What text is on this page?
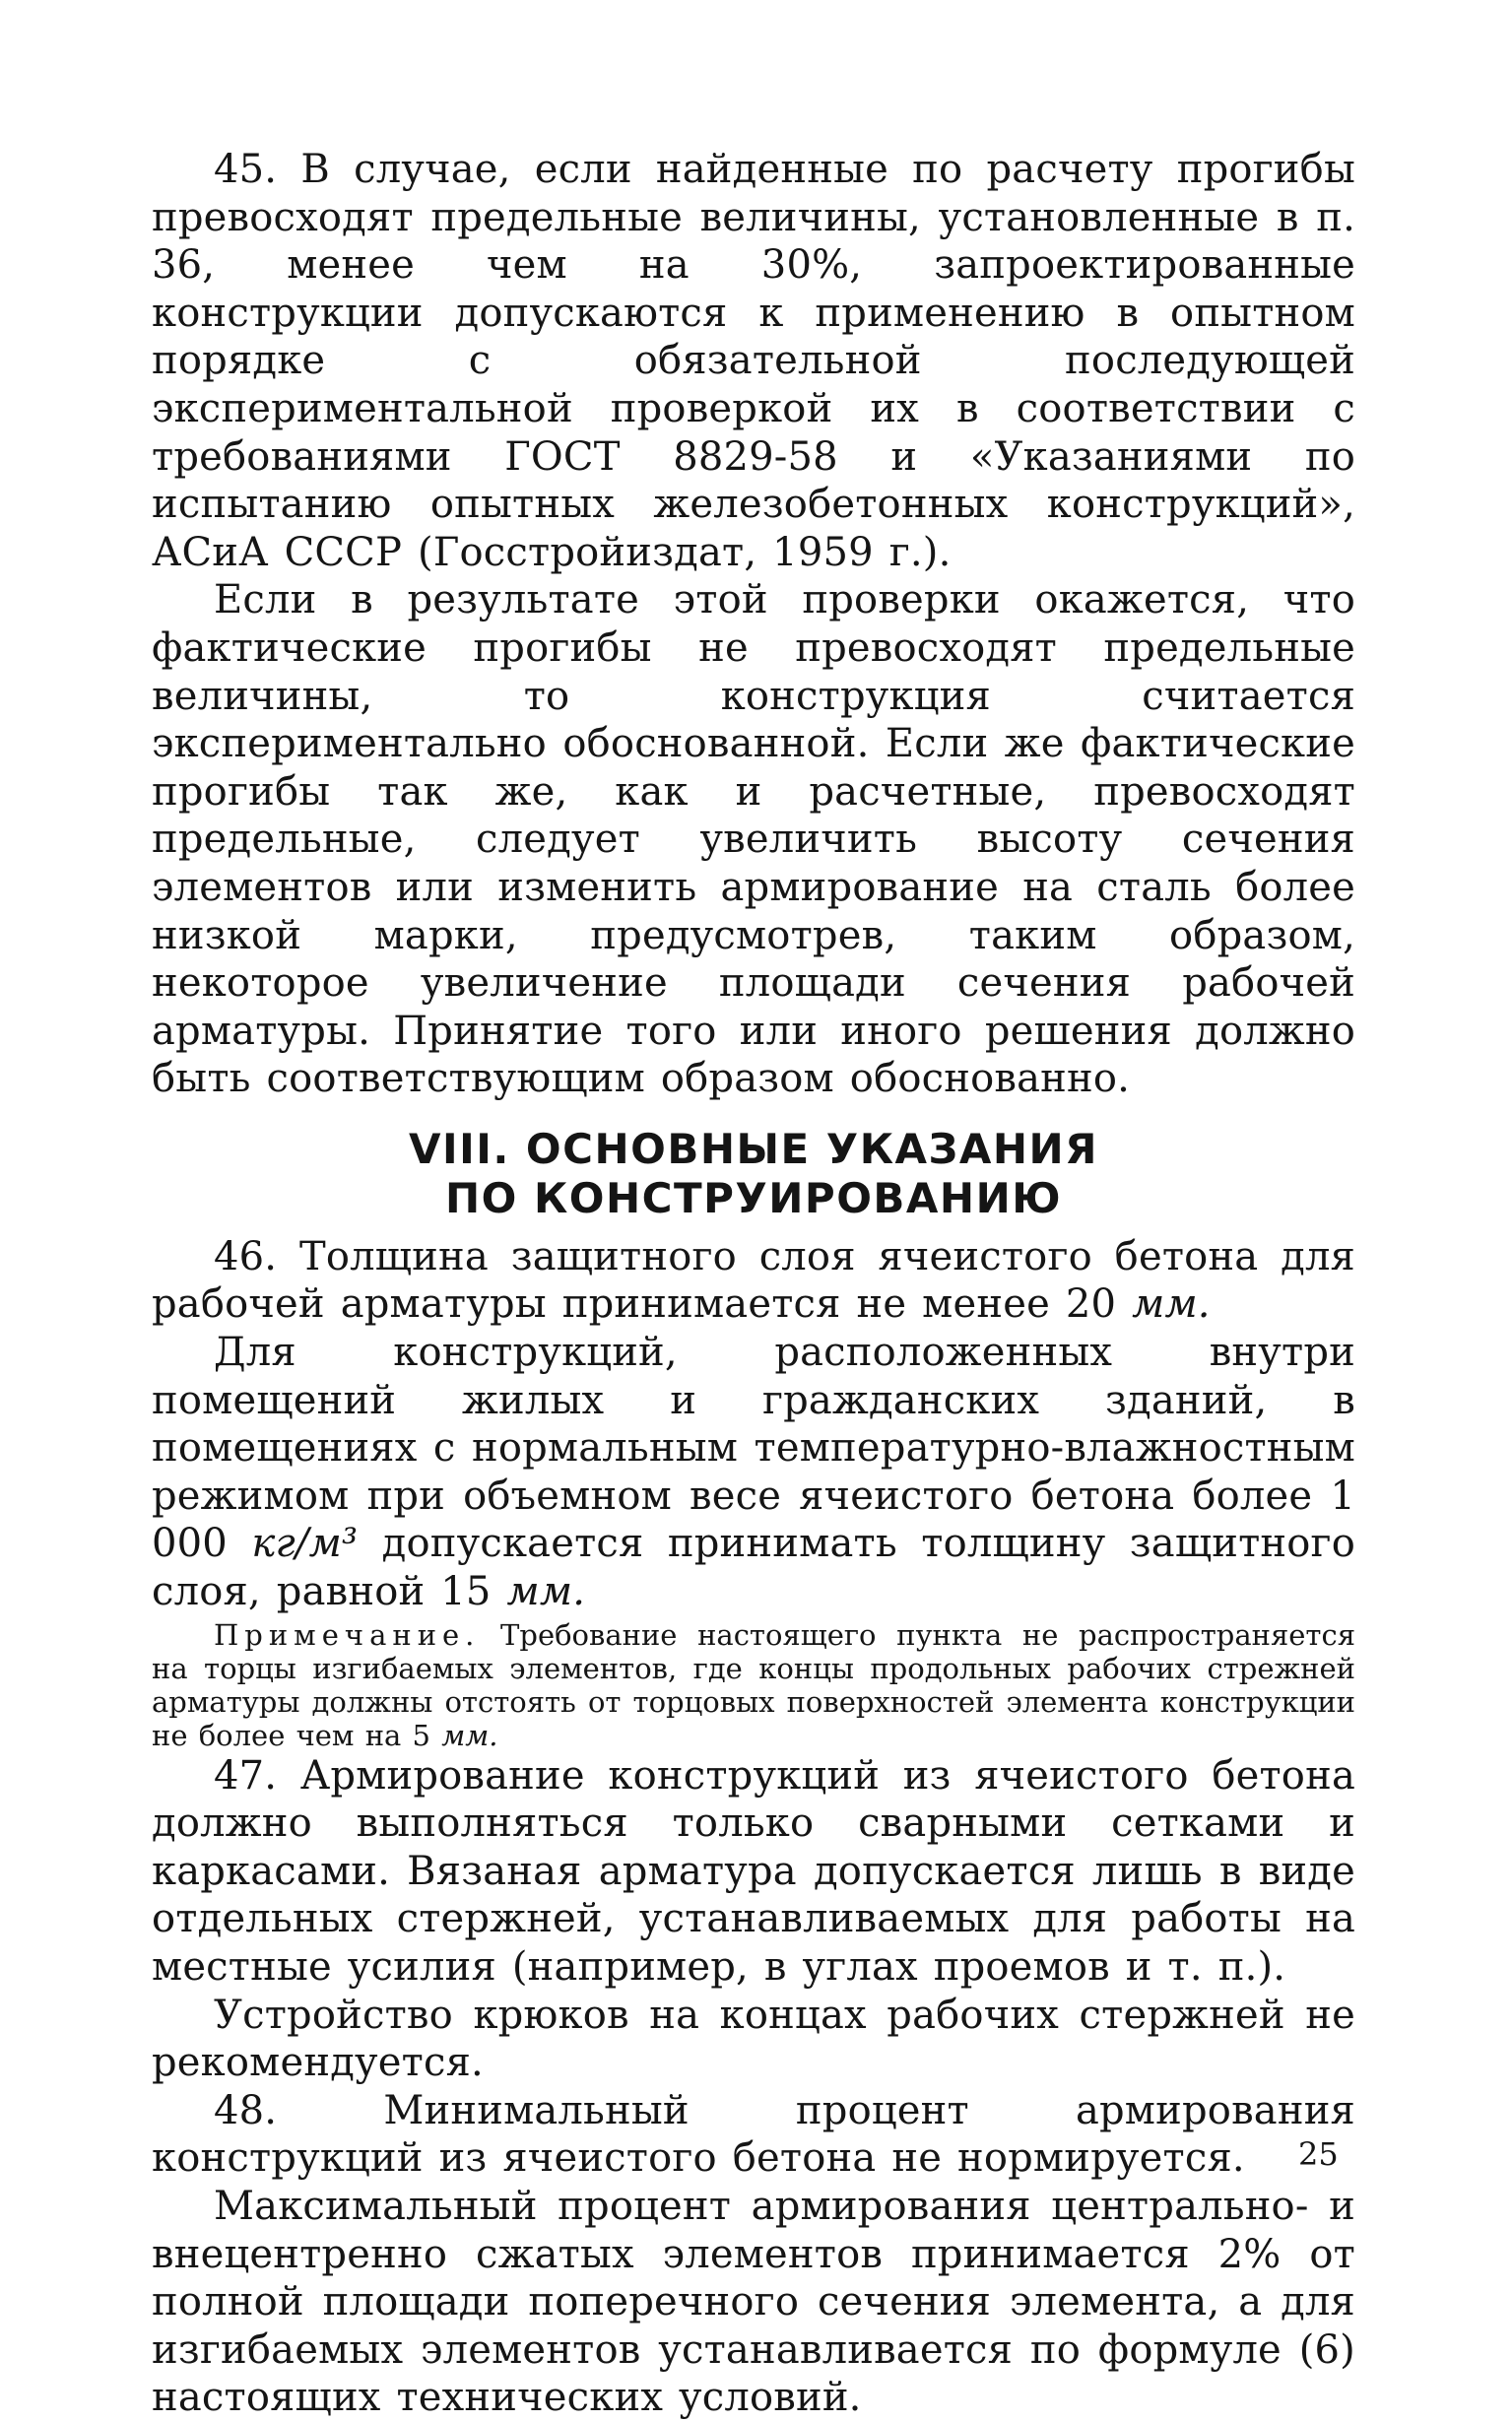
45. В случае, если найденные по расчету прогибы превосходят предельные величины, установленные в п. 36, менее чем на 30%, запроектированные конструкции допускаются к применению в опытном порядке с обязательной последующей экспериментальной проверкой их в соответствии с требованиями ГОСТ 8829-58 и «Указаниями по испытанию опытных железобетонных конструкций», АСиА СССР (Госстройиздат, 1959 г.).

Если в результате этой проверки окажется, что фактические прогибы не превосходят предельные величины, то конструкция считается экспериментально обоснованной. Если же фактические прогибы так же, как и расчетные, превосходят предельные, следует увеличить высоту сечения элементов или изменить армирование на сталь более низкой марки, предусмотрев, таким образом, некоторое увеличение площади сечения рабочей арматуры. Принятие того или иного решения должно быть соответствующим образом обоснованно.

VIII. ОСНОВНЫЕ УКАЗАНИЯ
ПО КОНСТРУИРОВАНИЮ

46. Толщина защитного слоя ячеистого бетона для рабочей арматуры принимается не менее 20 мм.

Для конструкций, расположенных внутри помещений жилых и гражданских зданий, в помещениях с нормальным температурно-влажностным режимом при объемном весе ячеистого бетона более 1 000 кг/м³ допускается принимать толщину защитного слоя, равной 15 мм.

Примечание. Требование настоящего пункта не распространяется на торцы изгибаемых элементов, где концы продольных рабочих стрежней арматуры должны отстоять от торцовых поверхностей элемента конструкции не более чем на 5 мм.

47. Армирование конструкций из ячеистого бетона должно выполняться только сварными сетками и каркасами. Вязаная арматура допускается лишь в виде отдельных стержней, устанавливаемых для работы на местные усилия (например, в углах проемов и т. п.).

Устройство крюков на концах рабочих стержней не рекомендуется.

48. Минимальный процент армирования конструкций из ячеистого бетона не нормируется.

Максимальный процент армирования центрально- и внецентренно сжатых элементов принимается 2% от полной площади поперечного сечения элемента, а для изгибаемых элементов устанавливается по формуле (6) настоящих технических условий.

25
